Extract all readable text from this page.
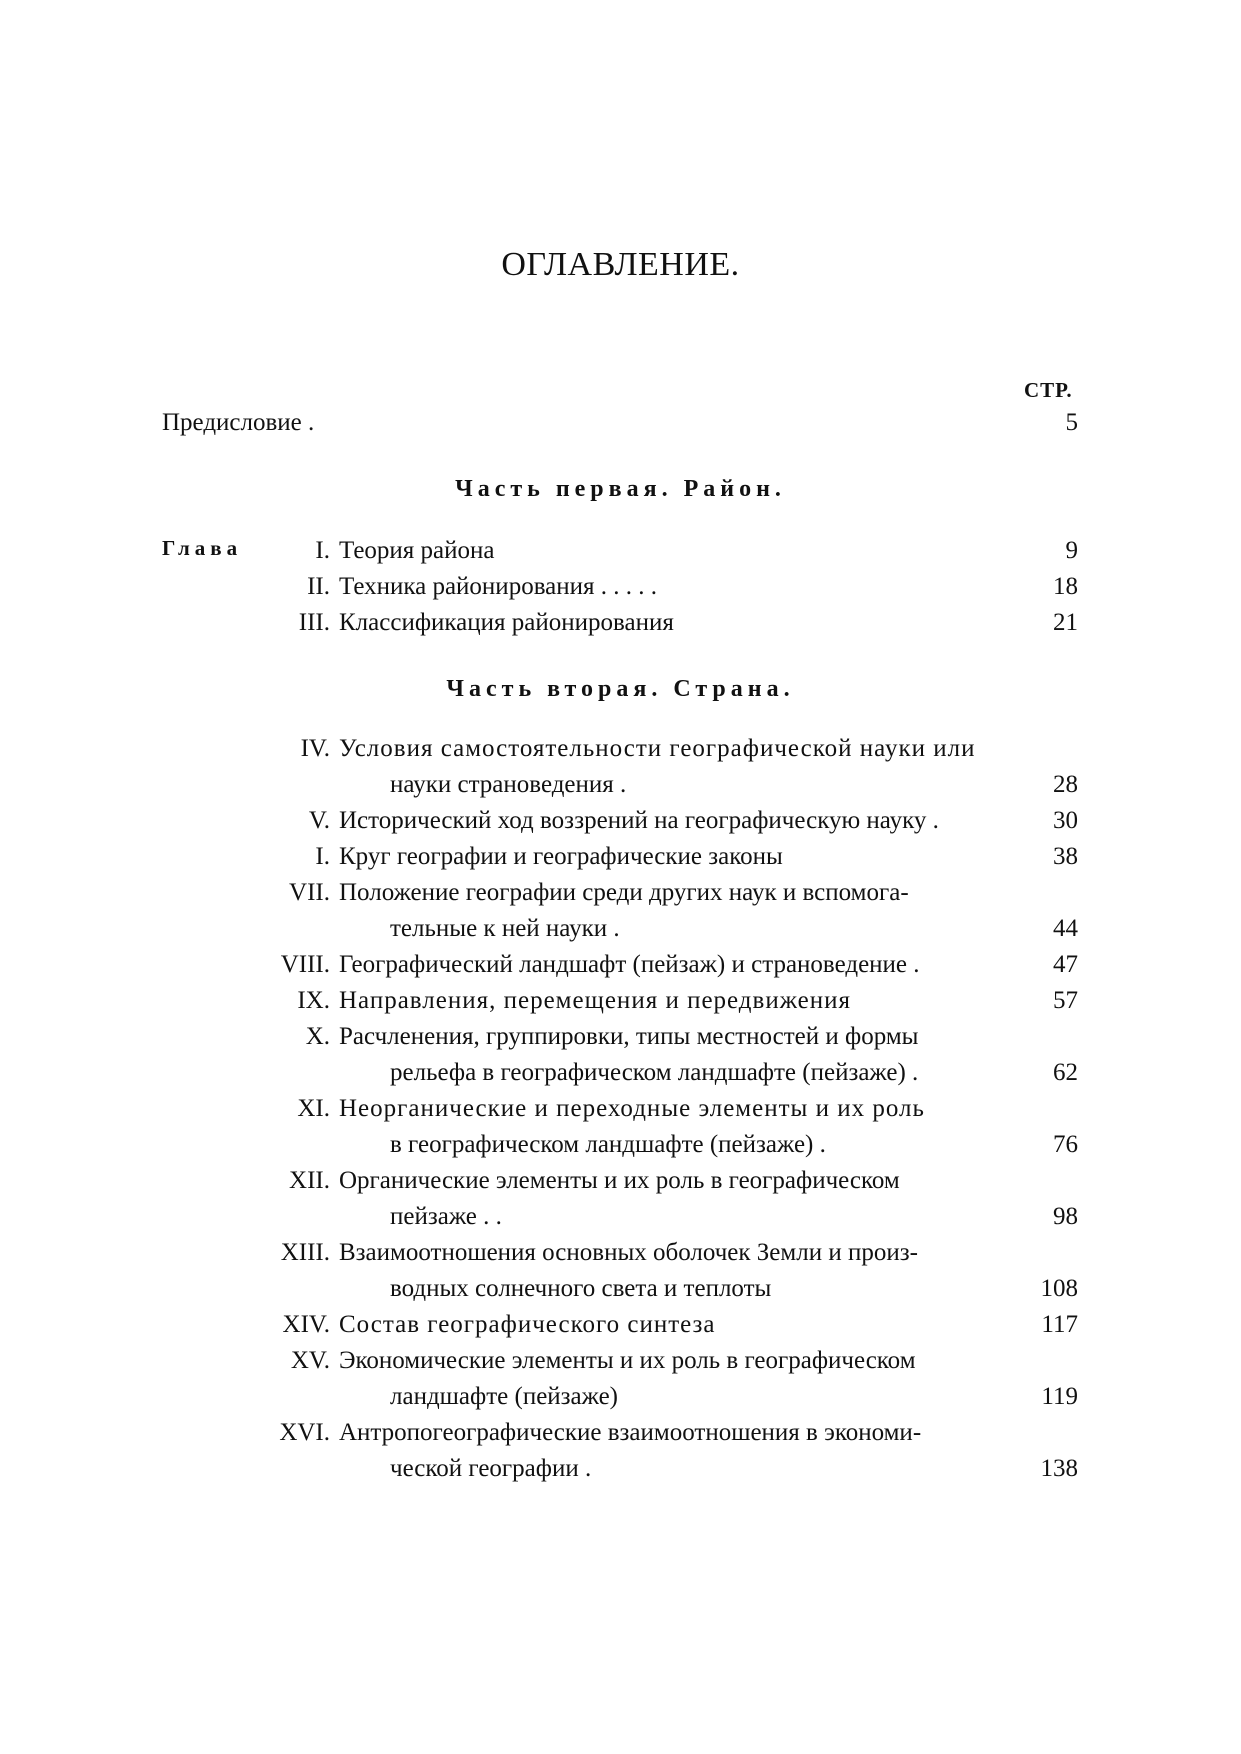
ОГЛАВЛЕНИЕ.
СТР.
Предисловие .	5
Часть первая. Район.
Глава	I. Теория района	9
II. Техника районирования . . . . .	18
III. Классификация районирования	21
Часть вторая. Страна.
IV. Условия самостоятельности географической науки или
науки страноведения .	28
V. Исторический ход воззрений на географическую науку .	30
I. Круг географии и географические законы	38
VII. Положение географии среди других наук и вспомога-
тельные к ней науки .	44
VIII. Географический ландшафт (пейзаж) и страноведение .	47
IX. Направления, перемещения и передвижения	57
X. Расчленения, группировки, типы местностей и формы
рельефа в географическом ландшафте (пейзаже) .	62
XI. Неорганические и переходные элементы и их роль
в географическом ландшафте (пейзаже) .	76
XII. Органические элементы и их роль в географическом
пейзаже . .	98
XIII. Взаимоотношения основных оболочек Земли и произ-
водных солнечного света и теплоты	108
XIV. Состав географического синтеза	117
XV. Экономические элементы и их роль в географическом
ландшафте (пейзаже)	119
XVI. Антропогеографические взаимоотношения в экономи-
ческой географии .	138
